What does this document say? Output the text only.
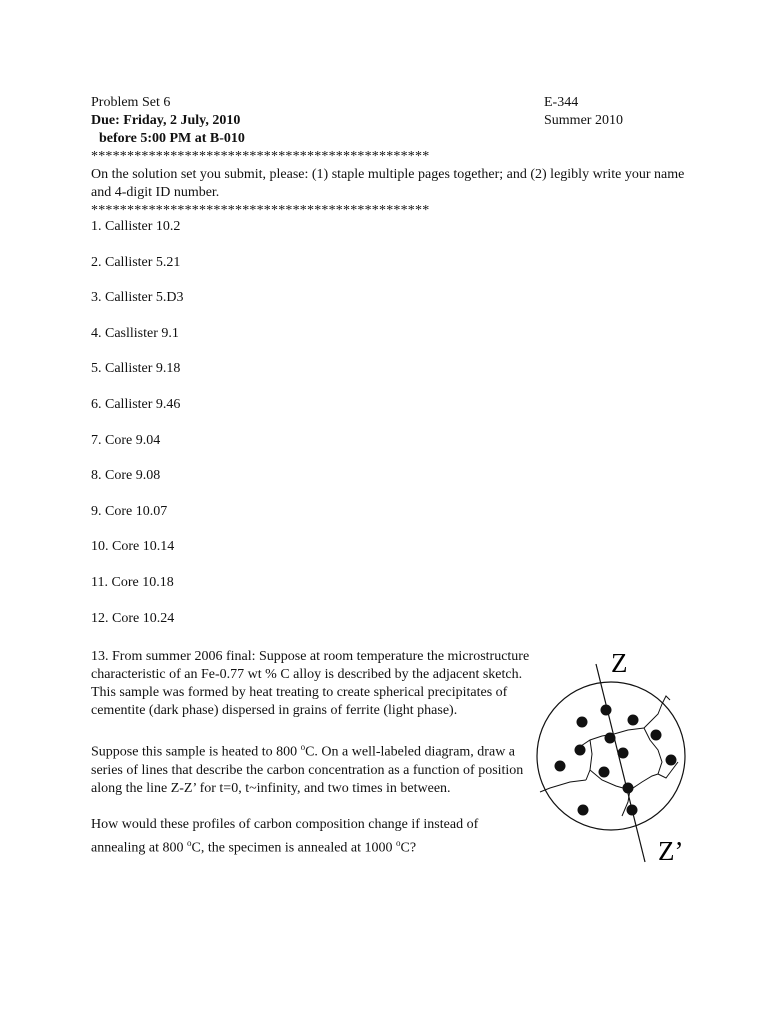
Problem Set 6
Due: Friday, 2 July, 2010
before 5:00 PM at B-010
E-344
Summer 2010
***********************************************
On the solution set you submit, please: (1) staple multiple pages together; and (2) legibly write your name and 4-digit ID number.
***********************************************
1. Callister 10.2
2. Callister 5.21
3. Callister 5.D3
4. Casllister 9.1
5. Callister 9.18
6. Callister 9.46
7. Core 9.04
8. Core 9.08
9. Core 10.07
10. Core 10.14
11. Core 10.18
12. Core 10.24

13. From summer 2006 final: Suppose at room temperature the microstructure characteristic of an Fe-0.77 wt % C alloy is described by the adjacent sketch. This sample was formed by heat treating to create spherical precipitates of cementite (dark phase) dispersed in grains of ferrite (light phase).

Suppose this sample is heated to 800 $^o$C. On a well-labeled diagram, draw a series of lines that describe the carbon concentration as a function of position along the line Z-Z’ for t=0, t~infinity, and two times in between.

How would these profiles of carbon composition change if instead of annealing at 800 $^o$C, the specimen is annealed at 1000 $^o$C?

Z
Z’
